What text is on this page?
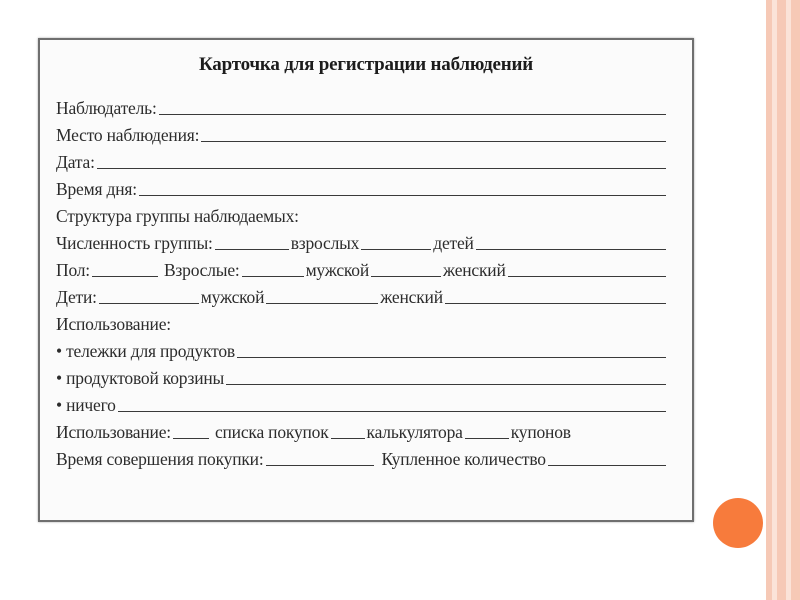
Карточка для регистрации наблюдений
Наблюдатель:
Место наблюдения:
Дата:
Время дня:
Структура группы наблюдаемых:
Численность группы:	взрослых	детей
Пол:	Взрослые:	мужской	женский
Дети:	мужской	женский
Использование:
• тележки для продуктов
• продуктовой корзины
• ничего
Использование:	списка покупок калькулятора	купонов
Время совершения покупки:	Купленное количество
